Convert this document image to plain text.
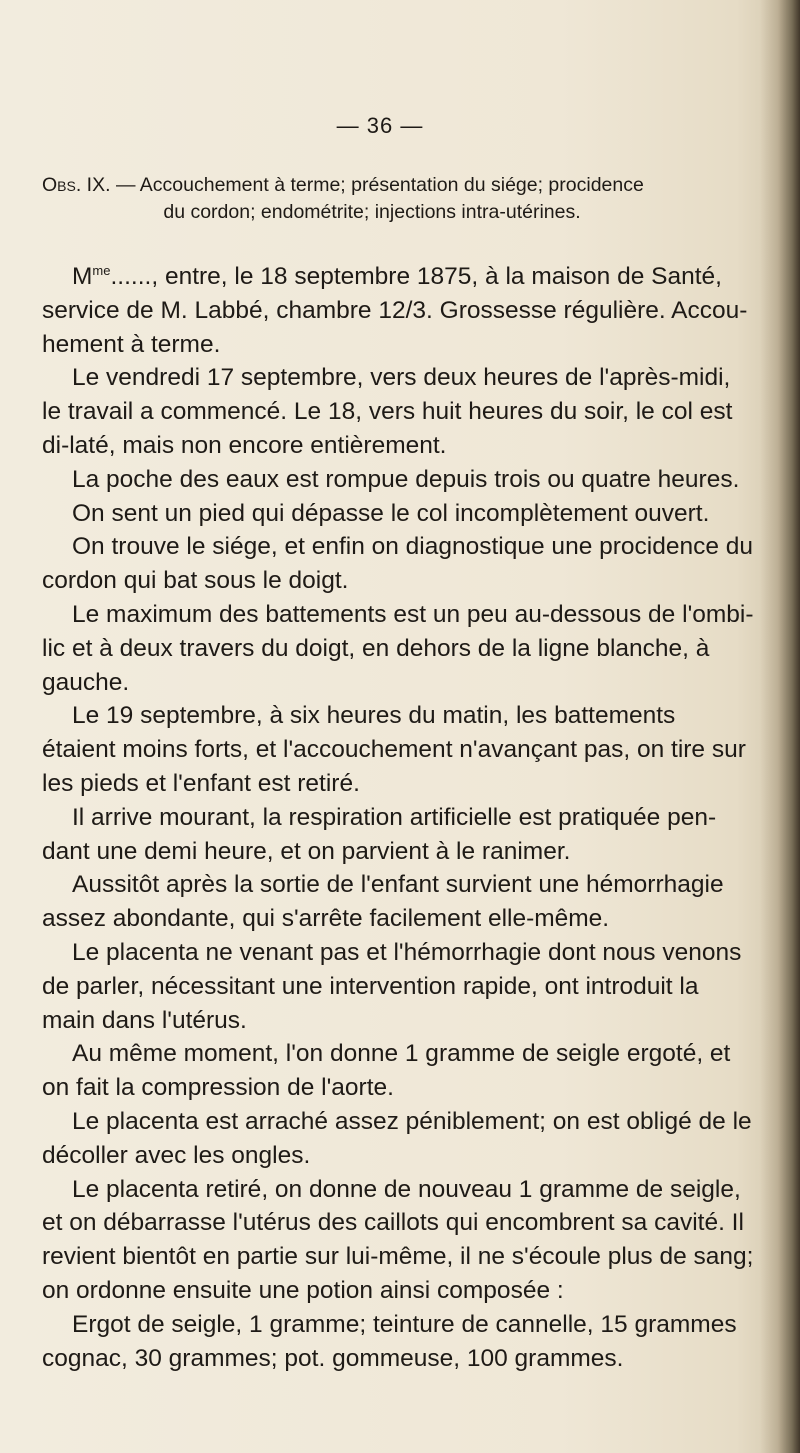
— 36 —
Obs. IX. — Accouchement à terme; présentation du siége; procidence
du cordon; endométrite; injections intra-utérines.

$M^{me}$......, entre, le 18 septembre 1875, à la maison de Santé, service de M. Labbé, chambre 12/3. Grossesse régulière. Accou-hement à terme.

Le vendredi 17 septembre, vers deux heures de l'après-midi, le travail a commencé. Le 18, vers huit heures du soir, le col est di-laté, mais non encore entièrement.

La poche des eaux est rompue depuis trois ou quatre heures.

On sent un pied qui dépasse le col incomplètement ouvert.

On trouve le siége, et enfin on diagnostique une procidence du cordon qui bat sous le doigt.

Le maximum des battements est un peu au-dessous de l'ombi-lic et à deux travers du doigt, en dehors de la ligne blanche, à gauche.

Le 19 septembre, à six heures du matin, les battements étaient moins forts, et l'accouchement n'avançant pas, on tire sur les pieds et l'enfant est retiré.

Il arrive mourant, la respiration artificielle est pratiquée pen-dant une demi heure, et on parvient à le ranimer.

Aussitôt après la sortie de l'enfant survient une hémorrhagie assez abondante, qui s'arrête facilement elle-même.

Le placenta ne venant pas et l'hémorrhagie dont nous venons de parler, nécessitant une intervention rapide, ont introduit la main dans l'utérus.

Au même moment, l'on donne 1 gramme de seigle ergoté, et on fait la compression de l'aorte.

Le placenta est arraché assez péniblement; on est obligé de le décoller avec les ongles.

Le placenta retiré, on donne de nouveau 1 gramme de seigle, et on débarrasse l'utérus des caillots qui encombrent sa cavité. Il revient bientôt en partie sur lui-même, il ne s'écoule plus de sang; on ordonne ensuite une potion ainsi composée :

Ergot de seigle, 1 gramme; teinture de cannelle, 15 grammes cognac, 30 grammes; pot. gommeuse, 100 grammes.
